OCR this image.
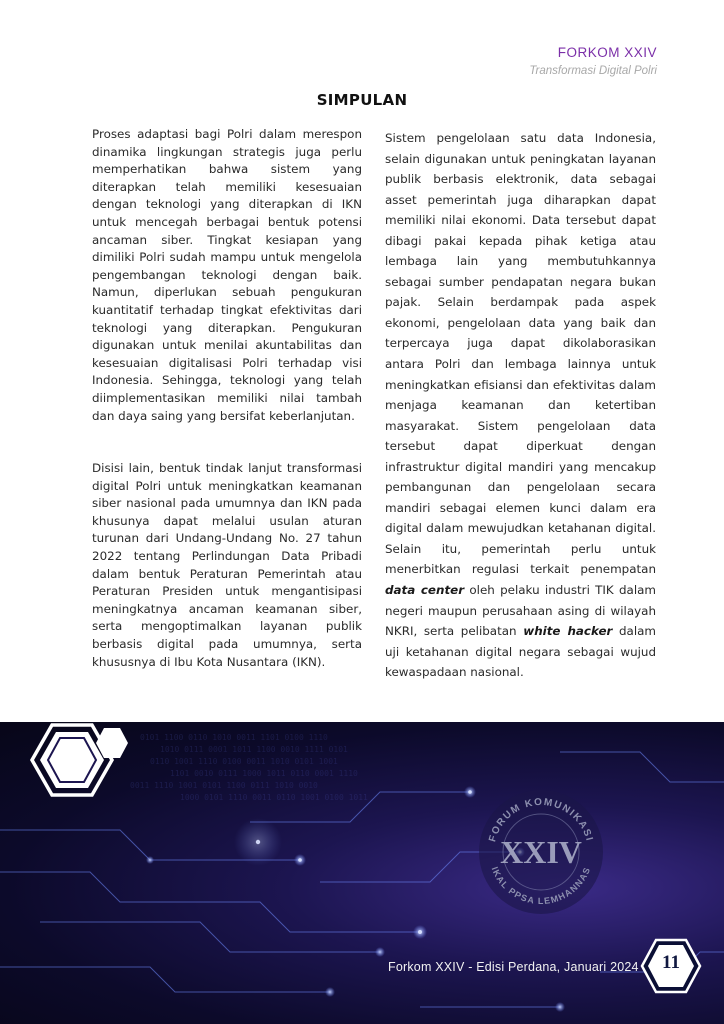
FORKOM XXIV
Transformasi Digital Polri
SIMPULAN

Proses adaptasi bagi Polri dalam merespon dinamika lingkungan strategis juga perlu memperhatikan bahwa sistem yang diterapkan telah memiliki kesesuaian dengan teknologi yang diterapkan di IKN untuk mencegah berbagai bentuk potensi ancaman siber. Tingkat kesiapan yang dimiliki Polri sudah mampu untuk mengelola pengembangan teknologi dengan baik. Namun, diperlukan sebuah pengukuran kuantitatif terhadap tingkat efektivitas dari teknologi yang diterapkan. Pengukuran digunakan untuk menilai akuntabilitas dan kesesuaian digitalisasi Polri terhadap visi Indonesia. Sehingga, teknologi yang telah diimplementasikan memiliki nilai tambah dan daya saing yang bersifat keberlanjutan.

Disisi lain, bentuk tindak lanjut transformasi digital Polri untuk meningkatkan keamanan siber nasional pada umumnya dan IKN pada khusunya dapat melalui usulan aturan turunan dari Undang-Undang No. 27 tahun 2022 tentang Perlindungan Data Pribadi dalam bentuk Peraturan Pemerintah atau Peraturan Presiden untuk mengantisipasi meningkatnya ancaman keamanan siber, serta mengoptimalkan layanan publik berbasis digital pada umumnya, serta khususnya di Ibu Kota Nusantara (IKN).

Sistem pengelolaan satu data Indonesia, selain digunakan untuk peningkatan layanan publik berbasis elektronik, data sebagai asset pemerintah juga diharapkan dapat memiliki nilai ekonomi. Data tersebut dapat dibagi pakai kepada pihak ketiga atau lembaga lain yang membutuhkannya sebagai sumber pendapatan negara bukan pajak. Selain berdampak pada aspek ekonomi, pengelolaan data yang baik dan terpercaya juga dapat dikolaborasikan antara Polri dan lembaga lainnya untuk meningkatkan efisiansi dan efektivitas dalam menjaga keamanan dan ketertiban masyarakat. Sistem pengelolaan data tersebut dapat diperkuat dengan infrastruktur digital mandiri yang mencakup pembangunan dan pengelolaan secara mandiri sebagai elemen kunci dalam era digital dalam mewujudkan ketahanan digital. Selain itu, pemerintah perlu untuk menerbitkan regulasi terkait penempatan data center oleh pelaku industri TIK dalam negeri maupun perusahaan asing di wilayah NKRI, serta pelibatan white hacker dalam uji ketahanan digital negara sebagai wujud kewaspadaan nasional.

0101 1100 0110 1010 0011 1101 0100 1110
1010 0111 0001 1011 1100 0010 1111 0101
0110 1001 1110 0100 0011 1010 0101 1001
1101 0010 0111 1000 1011 0110 0001 1110
0011 1110 1001 0101 1100 0111 1010 0010
1000 0101 1110 0011 0110 1001 0100 1011
FORUM KOMUNIKASI
XXIV
IKAL PPSA LEMHANNAS
Forkom XXIV - Edisi Perdana, Januari 2024	11
